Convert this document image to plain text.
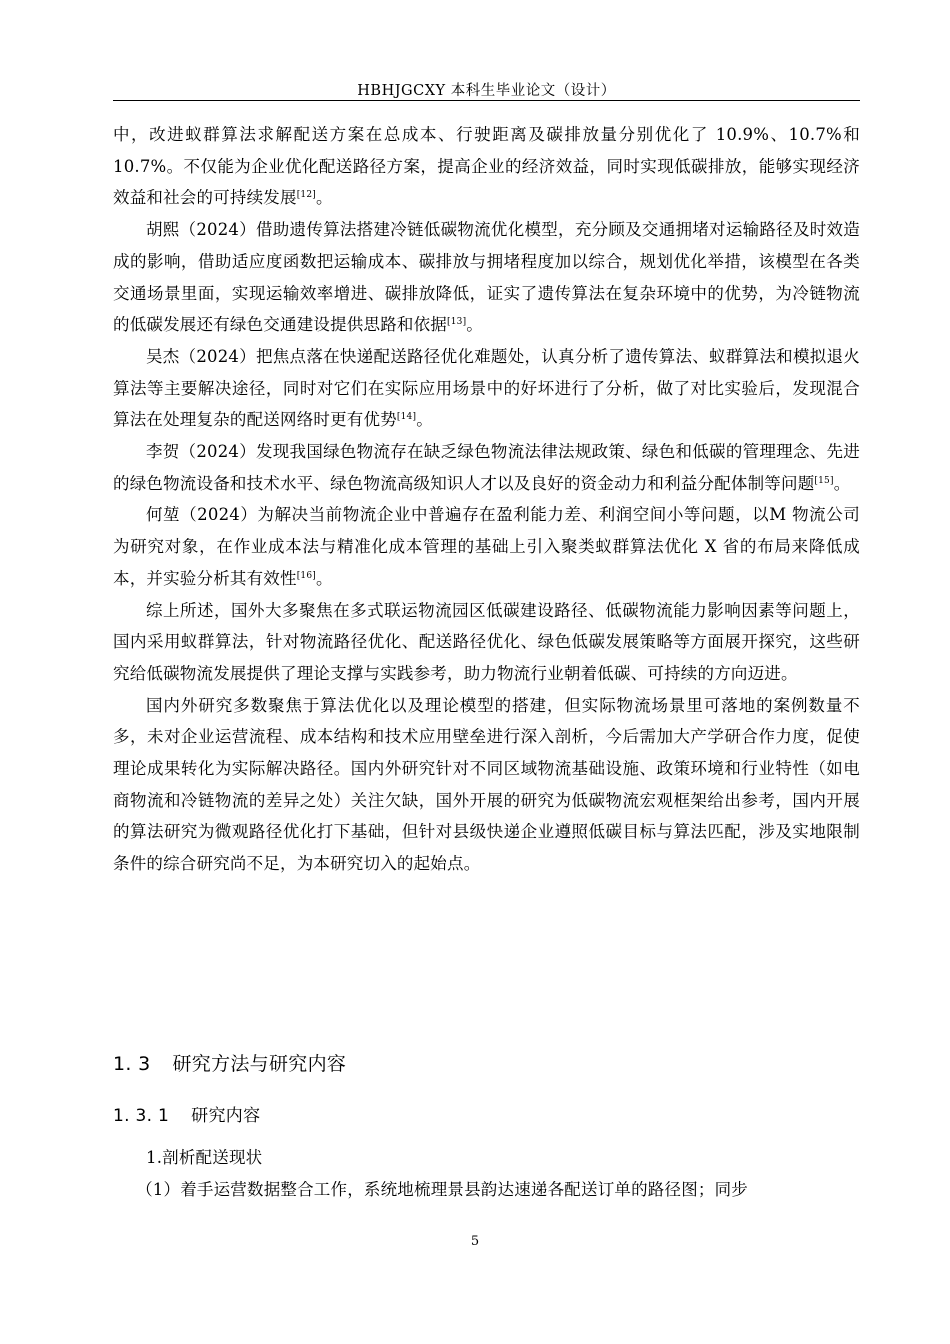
HBHJGCXY 本科生毕业论文（设计）

中，改进蚁群算法求解配送方案在总成本、行驶距离及碳排放量分别优化了 10.9%、10.7%和 10.7%。不仅能为企业优化配送路径方案，提高企业的经济效益，同时实现低碳排放，能够实现经济效益和社会的可持续发展[12]。

胡熙（2024）借助遗传算法搭建冷链低碳物流优化模型，充分顾及交通拥堵对运输路径及时效造成的影响，借助适应度函数把运输成本、碳排放与拥堵程度加以综合，规划优化举措，该模型在各类交通场景里面，实现运输效率增进、碳排放降低，证实了遗传算法在复杂环境中的优势，为冷链物流的低碳发展还有绿色交通建设提供思路和依据[13]。

吴杰（2024）把焦点落在快递配送路径优化难题处，认真分析了遗传算法、蚁群算法和模拟退火算法等主要解决途径，同时对它们在实际应用场景中的好坏进行了分析，做了对比实验后，发现混合算法在处理复杂的配送网络时更有优势[14]。

李贺（2024）发现我国绿色物流存在缺乏绿色物流法律法规政策、绿色和低碳的管理理念、先进的绿色物流设备和技术水平、绿色物流高级知识人才以及良好的资金动力和利益分配体制等问题[15]。

何堃（2024）为解决当前物流企业中普遍存在盈利能力差、利润空间小等问题，以M 物流公司为研究对象，在作业成本法与精准化成本管理的基础上引入聚类蚁群算法优化 X 省的布局来降低成本，并实验分析其有效性[16]。

综上所述，国外大多聚焦在多式联运物流园区低碳建设路径、低碳物流能力影响因素等问题上，国内采用蚁群算法，针对物流路径优化、配送路径优化、绿色低碳发展策略等方面展开探究，这些研究给低碳物流发展提供了理论支撑与实践参考，助力物流行业朝着低碳、可持续的方向迈进。

国内外研究多数聚焦于算法优化以及理论模型的搭建，但实际物流场景里可落地的案例数量不多，未对企业运营流程、成本结构和技术应用壁垒进行深入剖析，今后需加大产学研合作力度，促使理论成果转化为实际解决路径。国内外研究针对不同区域物流基础设施、政策环境和行业特性（如电商物流和冷链物流的差异之处）关注欠缺，国外开展的研究为低碳物流宏观框架给出参考，国内开展的算法研究为微观路径优化打下基础，但针对县级快递企业遵照低碳目标与算法匹配，涉及实地限制条件的综合研究尚不足，为本研究切入的起始点。

1. 3 研究方法与研究内容
1. 3. 1 研究内容

1.剖析配送现状

（1）着手运营数据整合工作，系统地梳理景县韵达速递各配送订单的路径图；同步

5
